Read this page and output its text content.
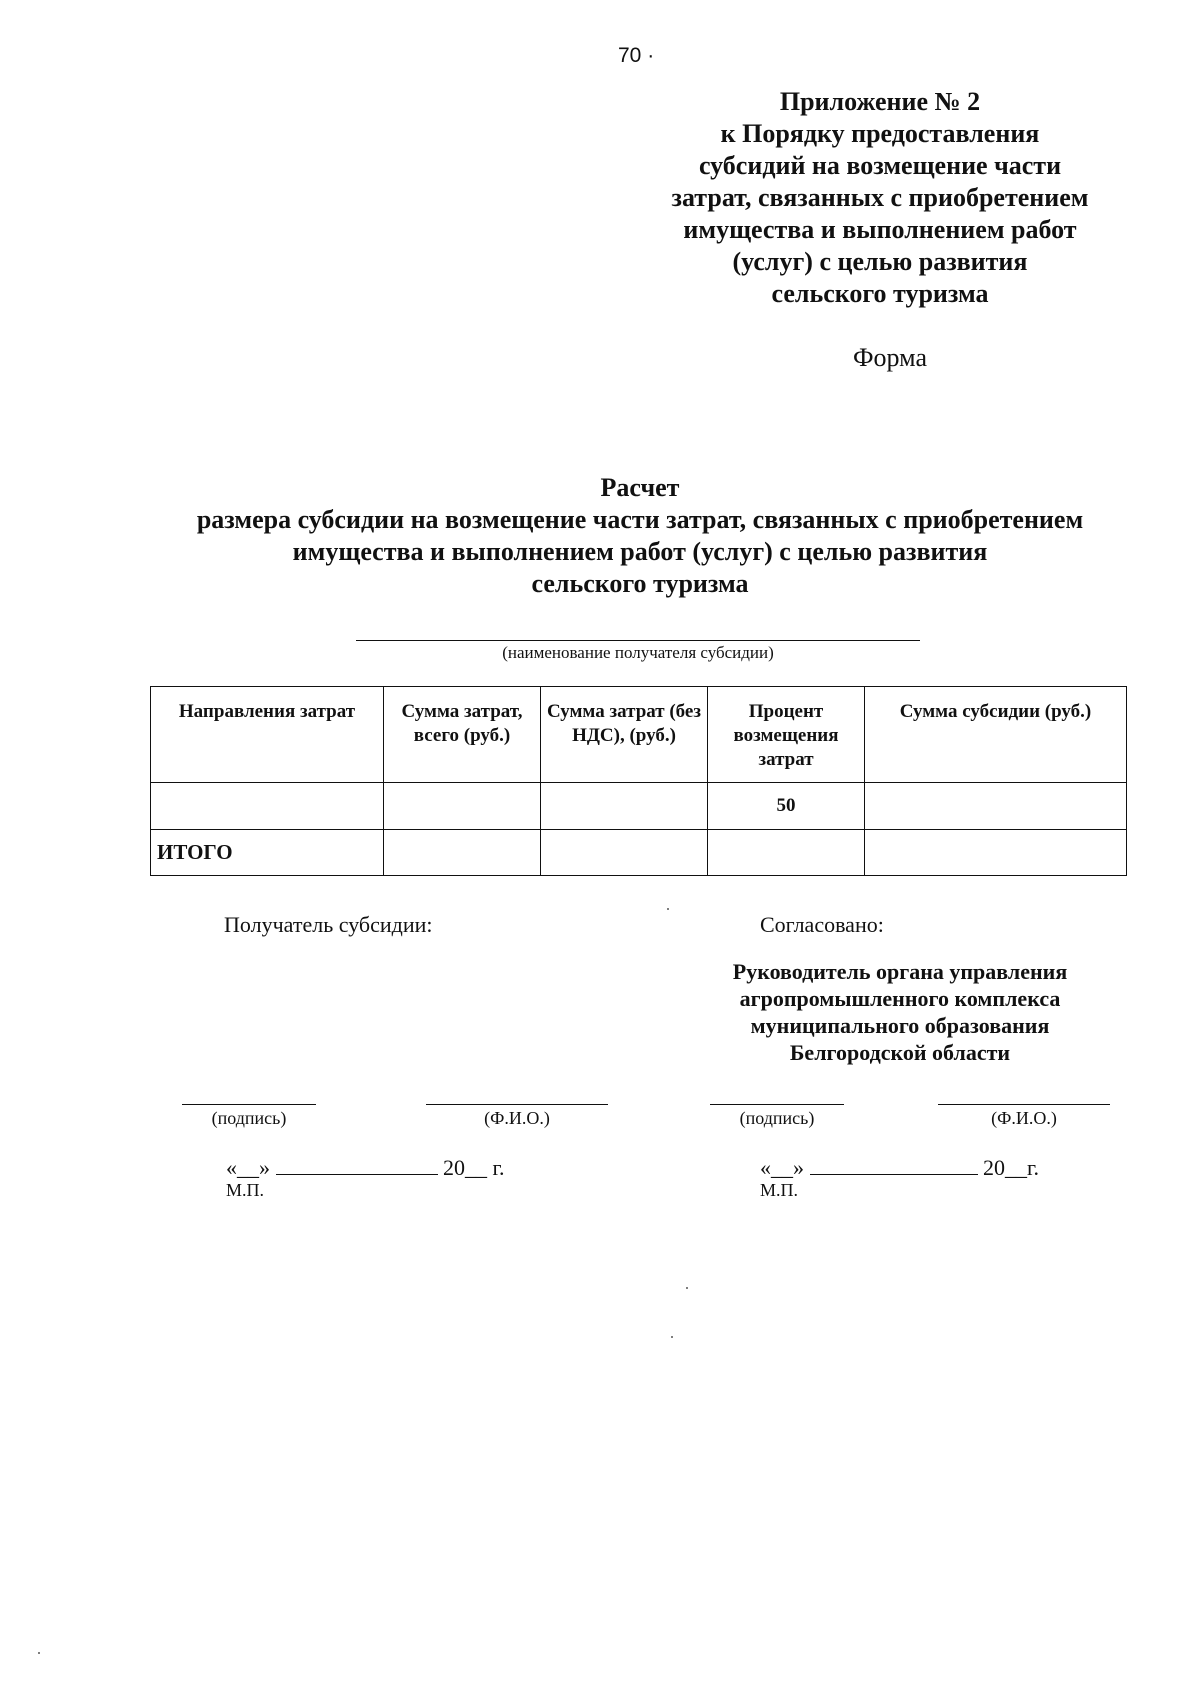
70 ·
Приложение № 2
к Порядку предоставления
субсидий на возмещение части
затрат, связанных с приобретением
имущества и выполнением работ
(услуг) с целью развития
сельского туризма
Форма
Расчет
размера субсидии на возмещение части затрат, связанных с приобретением
имущества и выполнением работ (услуг) с целью развития
сельского туризма
(наименование получателя субсидии)
Направления затрат	Сумма затрат, всего (руб.)	Сумма затрат (без НДС), (руб.)	Процент возмещения затрат	Сумма субсидии (руб.)
			50	
ИТОГО				
Получатель субсидии:
(подпись)	(Ф.И.О.)
«__»	20__ г.
М.П.
Согласовано:
Руководитель органа управления
агропромышленного комплекса
муниципального образования
Белгородской области
(подпись)	(Ф.И.О.)
«__»	20__г.
М.П.
